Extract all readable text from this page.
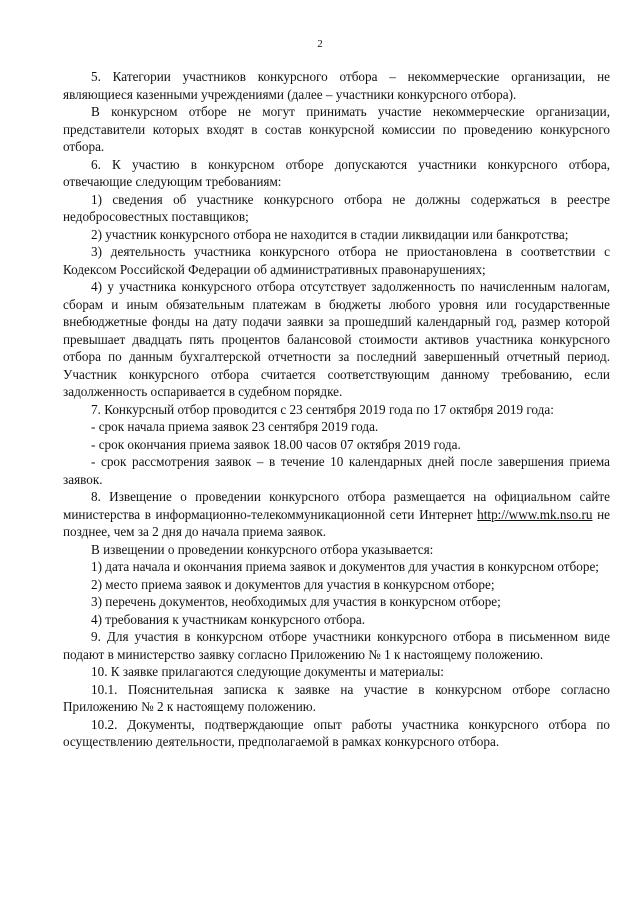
2

5. Категории участников конкурсного отбора – некоммерческие организации, не являющиеся казенными учреждениями (далее – участники конкурсного отбора).

В конкурсном отборе не могут принимать участие некоммерческие организации, представители которых входят в состав конкурсной комиссии по проведению конкурсного отбора.

6. К участию в конкурсном отборе допускаются участники конкурсного отбора, отвечающие следующим требованиям:

1) сведения об участнике конкурсного отбора не должны содержаться в реестре недобросовестных поставщиков;

2) участник конкурсного отбора не находится в стадии ликвидации или банкротства;

3) деятельность участника конкурсного отбора не приостановлена в соответствии с Кодексом Российской Федерации об административных правонарушениях;

4) у участника конкурсного отбора отсутствует задолженность по начисленным налогам, сборам и иным обязательным платежам в бюджеты любого уровня или государственные внебюджетные фонды на дату подачи заявки за прошедший календарный год, размер которой превышает двадцать пять процентов балансовой стоимости активов участника конкурсного отбора по данным бухгалтерской отчетности за последний завершенный отчетный период. Участник конкурсного отбора считается соответствующим данному требованию, если задолженность оспаривается в судебном порядке.

7. Конкурсный отбор проводится с 23 сентября 2019 года по 17 октября 2019 года:

- срок начала приема заявок 23 сентября 2019 года.

- срок окончания приема заявок 18.00 часов 07 октября 2019 года.

- срок рассмотрения заявок – в течение 10 календарных дней после завершения приема заявок.

8. Извещение о проведении конкурсного отбора размещается на официальном сайте министерства в информационно-телекоммуникационной сети Интернет http://www.mk.nso.ru не позднее, чем за 2 дня до начала приема заявок.

В извещении о проведении конкурсного отбора указывается:

1) дата начала и окончания приема заявок и документов для участия в конкурсном отборе;

2) место приема заявок и документов для участия в конкурсном отборе;

3) перечень документов, необходимых для участия в конкурсном отборе;

4) требования к участникам конкурсного отбора.

9. Для участия в конкурсном отборе участники конкурсного отбора в письменном виде подают в министерство заявку согласно Приложению № 1 к настоящему положению.

10. К заявке прилагаются следующие документы и материалы:

10.1. Пояснительная записка к заявке на участие в конкурсном отборе согласно Приложению № 2 к настоящему положению.

10.2. Документы, подтверждающие опыт работы участника конкурсного отбора по осуществлению деятельности, предполагаемой в рамках конкурсного отбора.
